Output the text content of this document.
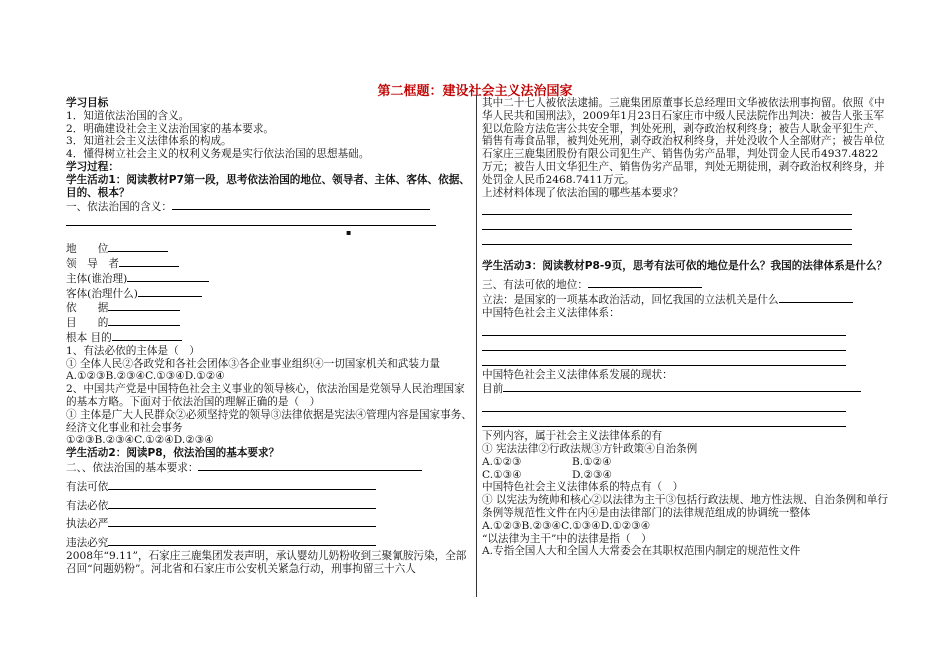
第二框题：建设社会主义法治国家
学习目标
1．知道依法治国的含义。
2．明确建设社会主义法治国家的基本要求。
3．知道社会主义法律体系的构成。
4．懂得树立社会主义的权利义务观是实行依法治国的思想基础。
学习过程：
学生活动1：阅读教材P7第一段，思考依法治国的地位、领导者、主体、客体、依据、目的、根本？
一、依法治国的含义：
▪
地　　位
领　导　者
主体(谁治理)
客体(治理什么)
依　　据
目　　的
根本 目的
1、有法必依的主体是（　）
① 全体人民②各政党和各社会团体③各企业事业组织④一切国家机关和武装力量
A.①②③B.②③④C.①③④D.①②④
2、中国共产党是中国特色社会主义事业的领导核心，依法治国是党领导人民治理国家的基本方略。下面对于依法治国的理解正确的是（　）
① 主体是广大人民群众②必须坚持党的领导③法律依据是宪法④管理内容是国家事务、经济文化事业和社会事务
①②③B.②③④C.①②④D.②③④
学生活动2：阅读P8，依法治国的基本要求？
二、、依法治国的基本要求：
有法可依
有法必依
执法必严
违法必究
2008年“9.11”，石家庄三鹿集团发表声明，承认婴幼儿奶粉收到三聚氰胺污染，全部召回“问题奶粉”。河北省和石家庄市公安机关紧急行动，刑事拘留三十六人
其中二十七人被依法逮捕。三鹿集团原董事长总经理田文华被依法刑事拘留。依照《中华人民共和国刑法》，2009年1月23日石家庄市中级人民法院作出判决：被告人张玉军犯以危险方法危害公共安全罪，判处死刑，剥夺政治权利终身；被告人耿金平犯生产、销售有毒食品罪，被判处死刑，剥夺政治权利终身，并处没收个人全部财产；被告单位石家庄三鹿集团股份有限公司犯生产、销售伪劣产品罪，判处罚金人民币4937.4822万元；被告人田文华犯生产、销售伪劣产品罪，判处无期徒刑，剥夺政治权利终身，并处罚金人民币2468.7411万元。
上述材料体现了依法治国的哪些基本要求？
学生活动3：阅读教材P8-9页，思考有法可依的地位是什么？我国的法律体系是什么？
三、有法可依的地位：
立法：是国家的一项基本政治活动，回忆我国的立法机关是什么
中国特色社会主义法律体系：
中国特色社会主义法律体系发展的现状：
目前
下列内容，属于社会主义法律体系的有
① 宪法法律②行政法规③方针政策④自治条例
A.①②③	B.①②④
C.①③④	D.②③④
中国特色社会主义法律体系的特点有（　）
① 以宪法为统帅和核心②以法律为主干③包括行政法规、地方性法规、自治条例和单行条例等规范性文件在内④是由法律部门的法律规范组成的协调统一整体
A.①②③B.②③④C.①③④D.①②③④
“以法律为主干”中的法律是指（　）
A.专指全国人大和全国人大常委会在其职权范围内制定的规范性文件
